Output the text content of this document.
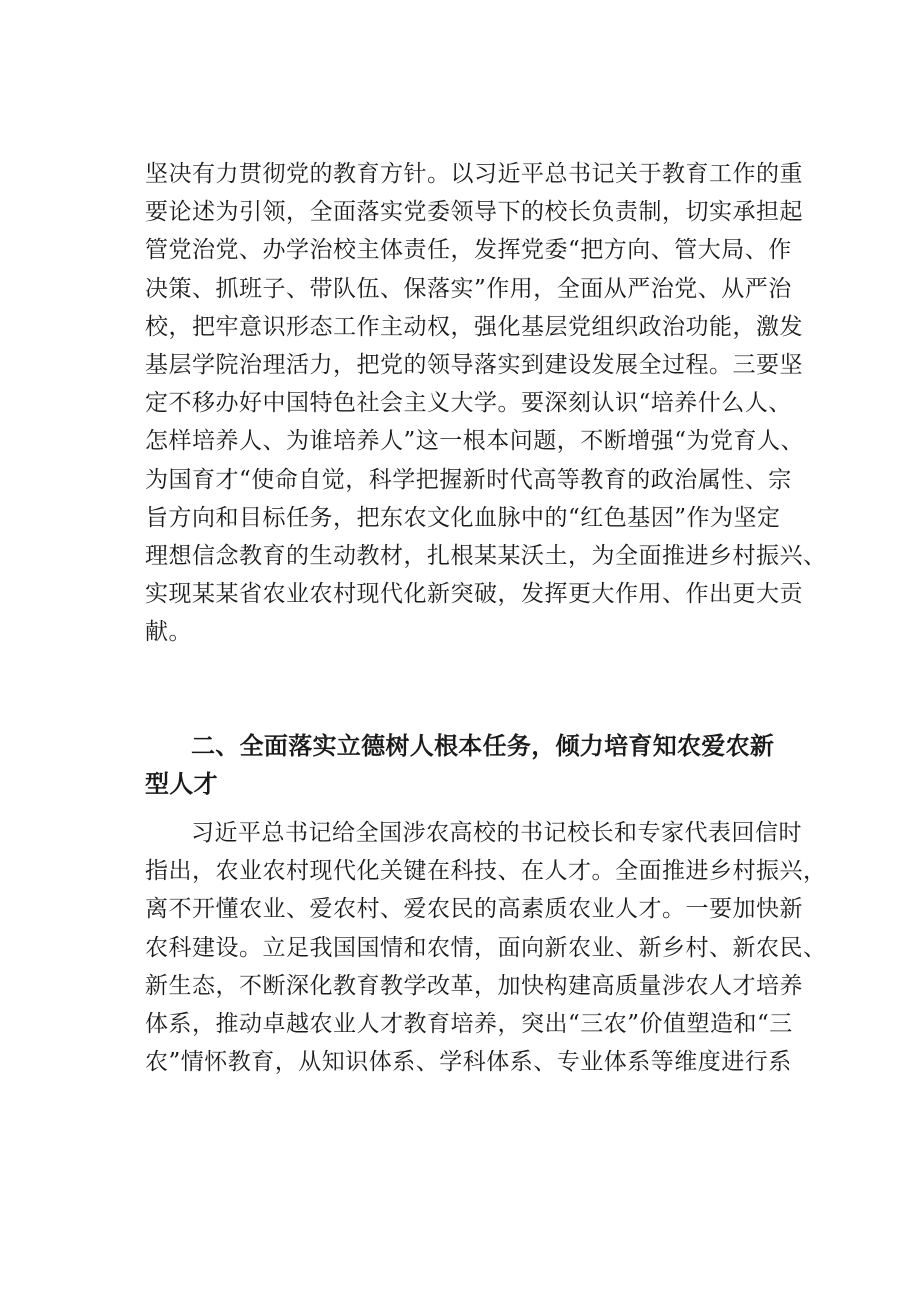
坚决有力贯彻党的教育方针。以习近平总书记关于教育工作的重
要论述为引领，全面落实党委领导下的校长负责制，切实承担起
管党治党、办学治校主体责任，发挥党委“把方向、管大局、作
决策、抓班子、带队伍、保落实”作用，全面从严治党、从严治
校，把牢意识形态工作主动权，强化基层党组织政治功能，激发
基层学院治理活力，把党的领导落实到建设发展全过程。三要坚
定不移办好中国特色社会主义大学。要深刻认识“培养什么人、
怎样培养人、为谁培养人”这一根本问题，不断增强“为党育人、
为国育才“使命自觉，科学把握新时代高等教育的政治属性、宗
旨方向和目标任务，把东农文化血脉中的“红色基因”作为坚定
理想信念教育的生动教材，扎根某某沃土，为全面推进乡村振兴、
实现某某省农业农村现代化新突破，发挥更大作用、作出更大贡
献。
二、全面落实立德树人根本任务，倾力培育知农爱农新
型人才
习近平总书记给全国涉农高校的书记校长和专家代表回信时
指出，农业农村现代化关键在科技、在人才。全面推进乡村振兴，
离不开懂农业、爱农村、爱农民的高素质农业人才。一要加快新
农科建设。立足我国国情和农情，面向新农业、新乡村、新农民、
新生态，不断深化教育教学改革，加快构建高质量涉农人才培养
体系，推动卓越农业人才教育培养，突出“三农”价值塑造和“三
农”情怀教育，从知识体系、学科体系、专业体系等维度进行系
